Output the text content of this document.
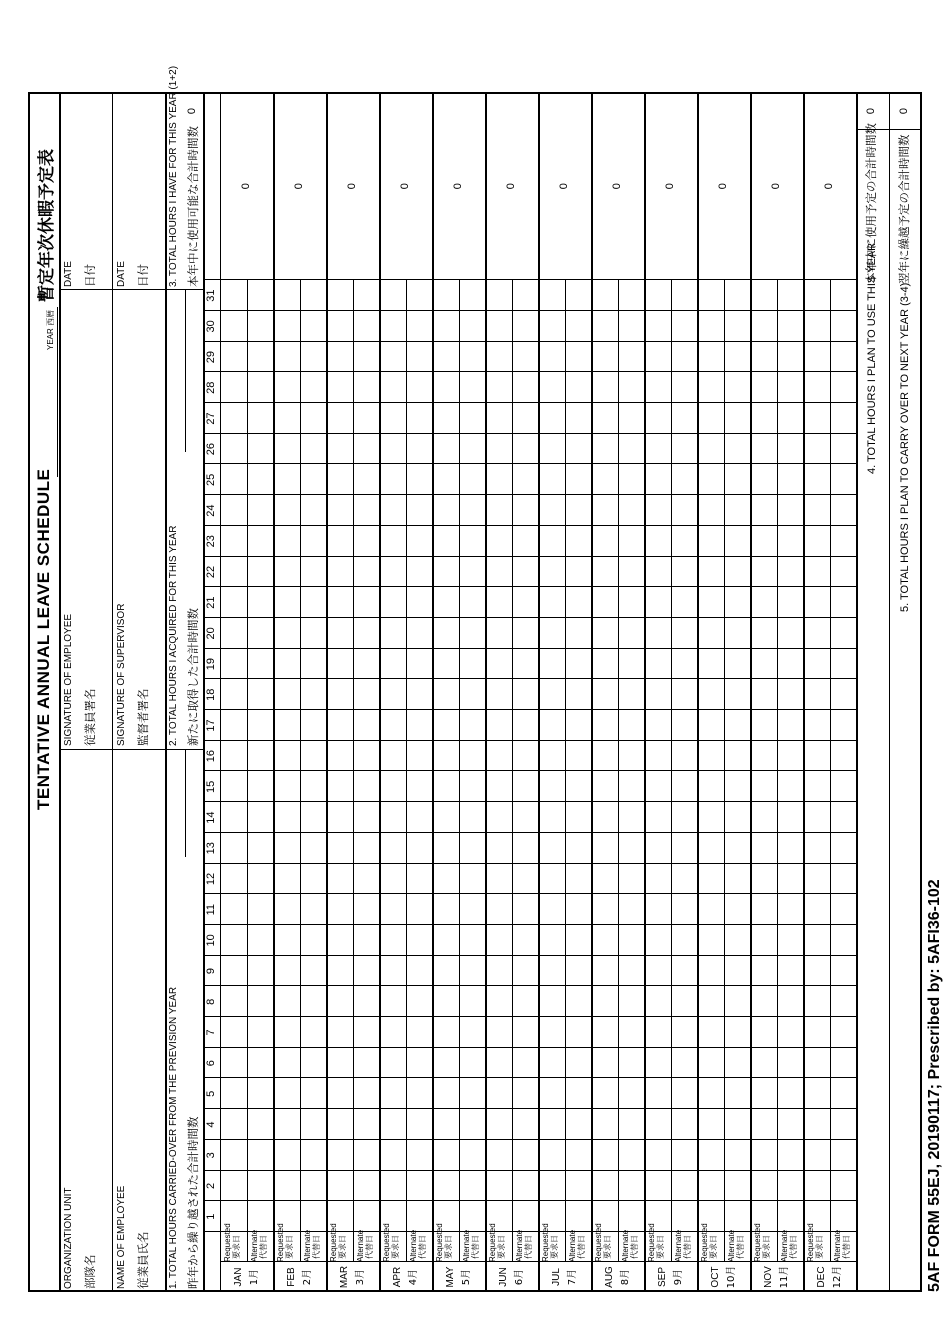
TENTATIVE ANNUAL LEAVE SCHEDULE
YEAR 西暦
暫定年次休暇予定表
ORGANIZATION UNIT 部隊名
SIGNATURE OF EMPLOYEE 従業員署名
DATE 日付
NAME OF EMPLOYEE 従業員氏名
SIGNATURE OF SUPERVISOR 監督者署名
DATE 日付
1. TOTAL HOURS CARRIED-OVER FROM THE PREVISION YEAR 昨年から繰り越された合計時間数
2. TOTAL HOURS I ACQUIRED FOR THIS YEAR 新たに取得した合計時間数
3. TOTAL HOURS I HAVE FOR THIS YEAR (1+2) 本年中に使用可能な合計時間数
0
1
2
3
4
5
6
7
8
9
10
11
12
13
14
15
16
17
18
19
20
21
22
23
24
25
26
27
28
29
30
31
JAN 1月
0
Requested 要求日 Alternate 代替日
FEB 2月
0
Requested 要求日 Alternate 代替日
MAR 3月
0
Requested 要求日 Alternate 代替日
APR 4月
0
Requested 要求日 Alternate 代替日
MAY 5月
0
Requested 要求日 Alternate 代替日
JUN 6月
0
Requested 要求日 Alternate 代替日
JUL 7月
0
Requested 要求日 Alternate 代替日
AUG 8月
0
Requested 要求日 Alternate 代替日
SEP 9月
0
Requested 要求日 Alternate 代替日
OCT 10月
0
Requested 要求日 Alternate 代替日
NOV 11月
0
Requested 要求日 Alternate 代替日
DEC 12月
0
Requested 要求日 Alternate 代替日
4. TOTAL HOURS I PLAN TO USE THIS YEAR
本年中に使用予定の合計時間数
0
5. TOTAL HOURS I PLAN TO CARRY OVER TO NEXT YEAR (3-4)
翌年に繰越予定の合計時間数
0
5AF FORM 55EJ, 20190117; Prescribed by: 5AFI36-102
